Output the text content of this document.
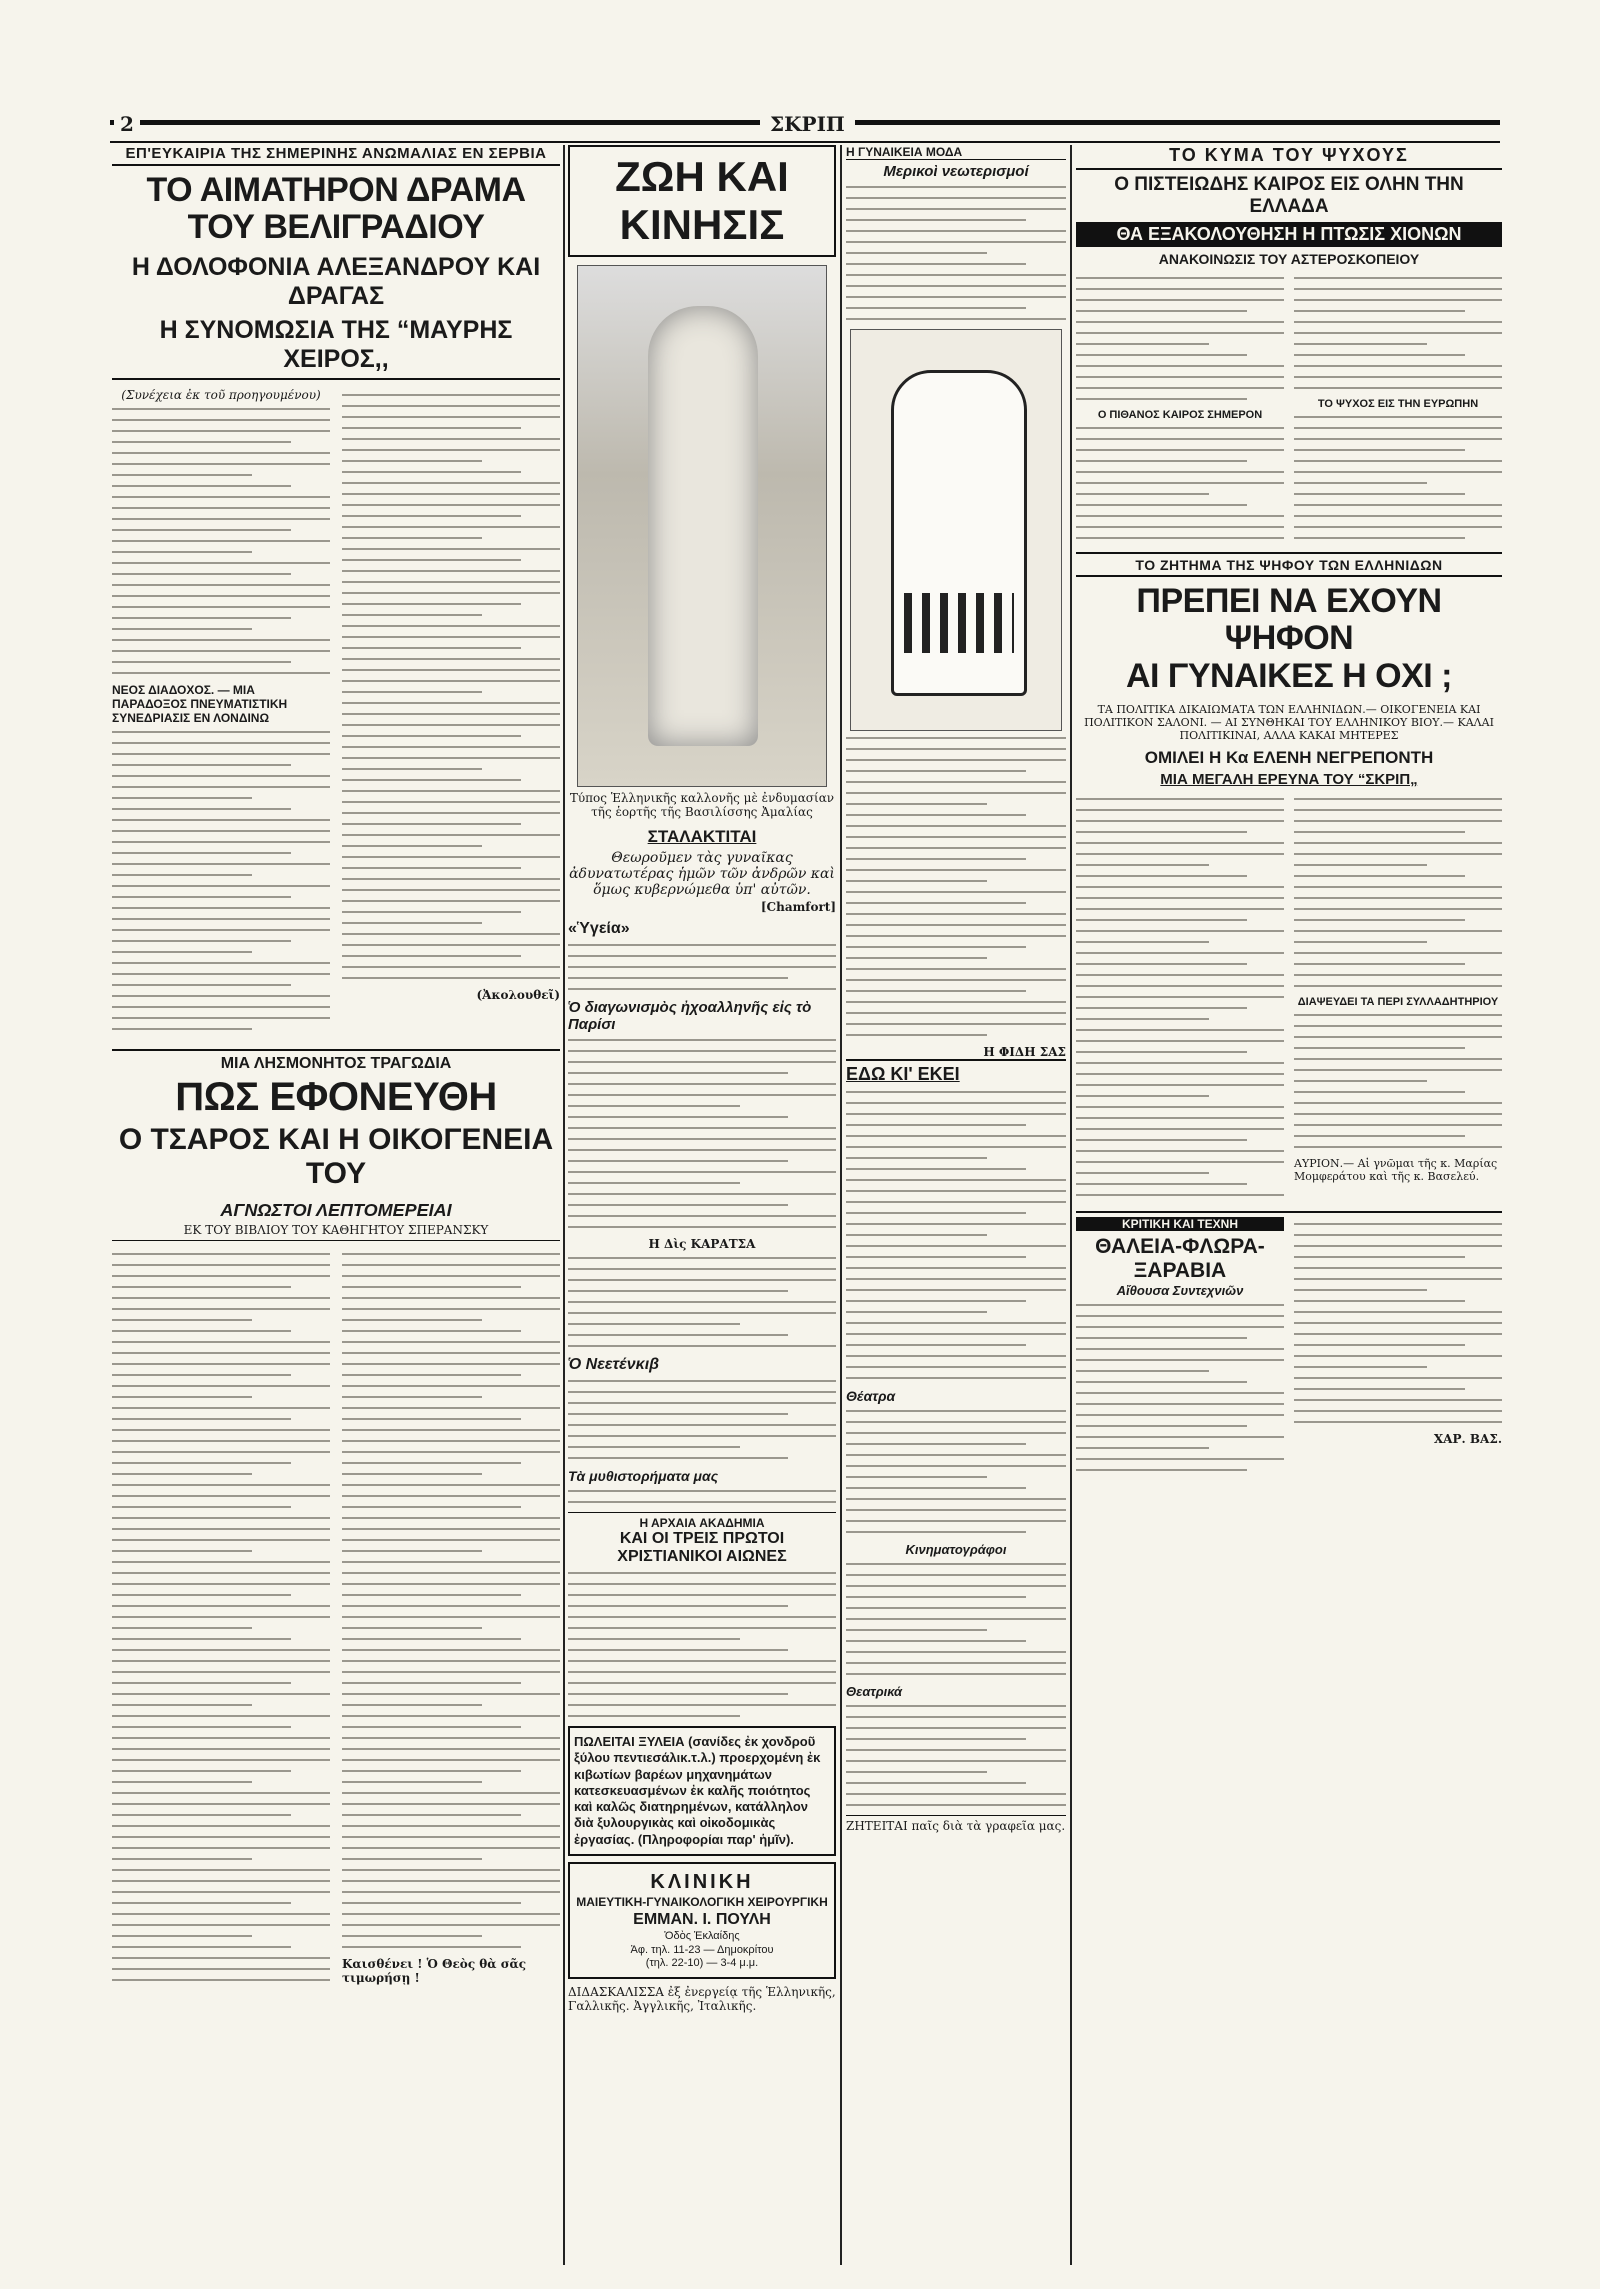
2	ΣΚΡΙΠ
ΕΠ'ΕΥΚΑΙΡΙΑ ΤΗΣ ΣΗΜΕΡΙΝΗΣ ΑΝΩΜΑΛΙΑΣ ΕΝ ΣΕΡΒΙΑ
ΤΟ ΑΙΜΑΤΗΡΟΝ ΔΡΑΜΑ ΤΟΥ ΒΕΛΙΓΡΑΔΙΟΥ
Η ΔΟΛΟΦΟΝΙΑ ΑΛΕΞΑΝΔΡΟΥ ΚΑΙ ΔΡΑΓΑΣ
Η ΣΥΝΟΜΩΣΙΑ ΤΗΣ “ΜΑΥΡΗΣ ΧΕΙΡΟΣ,,
(Συνέχεια ἐκ τοῦ προηγουμένου)
ΝΕΟΣ ΔΙΑΔΟΧΟΣ. — ΜΙΑ ΠΑΡΑΔΟΞΟΣ ΠΝΕΥΜΑΤΙΣΤΙΚΗ ΣΥΝΕΔΡΙΑΣΙΣ ΕΝ ΛΟΝΔΙΝΩ
(Ἀκολουθεῖ)
ΜΙΑ ΛΗΣΜΟΝΗΤΟΣ ΤΡΑΓΩΔΙΑ
ΠΩΣ ΕΦΟΝΕΥΘΗ
Ο ΤΣΑΡΟΣ ΚΑΙ Η ΟΙΚΟΓΕΝΕΙΑ ΤΟΥ
ΑΓΝΩΣΤΟΙ ΛΕΠΤΟΜΕΡΕΙΑΙ
ΕΚ ΤΟΥ ΒΙΒΛΙΟΥ ΤΟΥ ΚΑΘΗΓΗΤΟΥ ΣΠΕΡΑΝΣΚΥ
Καισθένει ! Ὁ Θεὸς θὰ σᾶς τιμωρήσῃ !
ΖΩΗ ΚΑΙ ΚΙΝΗΣΙΣ
Τύπος Ἑλληνικῆς καλλονῆς μὲ ἐνδυμασίαν τῆς ἑορτῆς τῆς Βασιλίσσης Ἀμαλίας
ΣΤΑΛΑΚΤΙΤΑΙ
Θεωροῦμεν τὰς γυναῖκας ἀδυνατωτέρας ἡμῶν τῶν ἀνδρῶν καὶ ὅμως κυβερνώμεθα ὑπ' αὐτῶν.
[Chamfort]
«Ὑγεία»
Ὁ διαγωνισμὸς ἠχοαλληνῆς εἰς τὸ Παρίσι
Η Δὶς ΚΑΡΑΤΣΑ
Ὁ Νεετένκιβ
Τὰ μυθιστορήματα μας
Η ΑΡΧΑΙΑ ΑΚΑΔΗΜΙΑ
ΚΑΙ ΟΙ ΤΡΕΙΣ ΠΡΩΤΟΙ ΧΡΙΣΤΙΑΝΙΚΟΙ ΑΙΩΝΕΣ
ΠΩΛΕΙΤΑΙ ΞΥΛΕΙΑ (σανίδες ἐκ χονδροῦ ξύλου πεντιεσάλικ.τ.λ.) προερχομένη ἐκ κιβωτίων βαρέων μηχανημάτων κατεσκευασμένων ἐκ καλῆς ποιότητος καὶ καλῶς διατηρημένων, κατάλληλον διὰ ξυλουργικὰς καὶ οἰκοδομικὰς ἐργασίας. (Πληροφορίαι παρ' ἡμῖν).
ΚΛΙΝΙΚΗ
ΜΑΙΕΥΤΙΚΗ-ΓΥΝΑΙΚΟΛΟΓΙΚΗ ΧΕΙΡΟΥΡΓΙΚΗ
ΕΜΜΑΝ. Ι. ΠΟΥΛΗ
Ὁδὸς Ἐκλαίδης
Ἀφ. τηλ. 11-23 — Δημοκρίτου
(τηλ. 22-10) — 3-4 μ.μ.
ΔΙΔΑΣΚΑΛΙΣΣΑ ἐξ ἐνεργείᾳ τῆς Ἑλληνικῆς, Γαλλικῆς. Ἀγγλικῆς, Ἰταλικῆς.
Η ΓΥΝΑΙΚΕΙΑ ΜΟΔΑ
Μερικοὶ νεωτερισμοί
Η ΦΙΔΗ ΣΑΣ
ΕΔΩ ΚΙ' ΕΚΕΙ
Θέατρα
Κινηματογράφοι
Θεατρικά
ΖΗΤΕΙΤΑΙ παῖς διὰ τὰ γραφεῖα μας.
ΤΟ ΚΥΜΑ ΤΟΥ ΨΥΧΟΥΣ
Ο ΠΙΣΤΕΙΩΔΗΣ ΚΑΙΡΟΣ ΕΙΣ ΟΛΗΝ ΤΗΝ ΕΛΛΑΔΑ
ΘΑ ΕΞΑΚΟΛΟΥΘΗΣΗ Η ΠΤΩΣΙΣ ΧΙΟΝΩΝ
ΑΝΑΚΟΙΝΩΣΙΣ ΤΟΥ ΑΣΤΕΡΟΣΚΟΠΕΙΟΥ
Ο ΠΙΘΑΝΟΣ ΚΑΙΡΟΣ ΣΗΜΕΡΟΝ
ΤΟ ΨΥΧΟΣ ΕΙΣ ΤΗΝ ΕΥΡΩΠΗΝ
ΤΟ ΖΗΤΗΜΑ ΤΗΣ ΨΗΦΟΥ ΤΩΝ ΕΛΛΗΝΙΔΩΝ
ΠΡΕΠΕΙ ΝΑ ΕΧΟΥΝ ΨΗΦΟΝ
ΑΙ ΓΥΝΑΙΚΕΣ Η ΟΧΙ ;
ΤΑ ΠΟΛΙΤΙΚΑ ΔΙΚΑΙΩΜΑΤΑ ΤΩΝ ΕΛΛΗΝΙΔΩΝ.— ΟΙΚΟΓΕΝΕΙΑ ΚΑΙ ΠΟΛΙΤΙΚΟΝ ΣΑΛΟΝΙ. — ΑΙ ΣΥΝΘΗΚΑΙ ΤΟΥ ΕΛΛΗΝΙΚΟΥ ΒΙΟΥ.— ΚΑΛΑΙ ΠΟΛΙΤΙΚΙΝΑΙ, ΑΛΛΑ ΚΑΚΑΙ ΜΗΤΕΡΕΣ
ΟΜΙΛΕΙ Η Κα ΕΛΕΝΗ ΝΕΓΡΕΠΟΝΤΗ
ΜΙΑ ΜΕΓΑΛΗ ΕΡΕΥΝΑ ΤΟΥ “ΣΚΡΙΠ„
ΔΙΑΨΕΥΔΕΙ ΤΑ ΠΕΡΙ ΣΥΛΛΑΔΗΤΗΡΙΟΥ
ΑΥΡΙΟΝ.— Αἱ γνῶμαι τῆς κ. Μαρίας Μομφεράτου καὶ τῆς κ. Βασελεύ.
ΚΡΙΤΙΚΗ ΚΑΙ ΤΕΧΝΗ
ΘΑΛΕΙΑ-ΦΛΩΡΑ-ΞΑΡΑΒΙΑ
Αἴθουσα Συντεχνιῶν
ΧΑΡ. ΒΑΣ.
